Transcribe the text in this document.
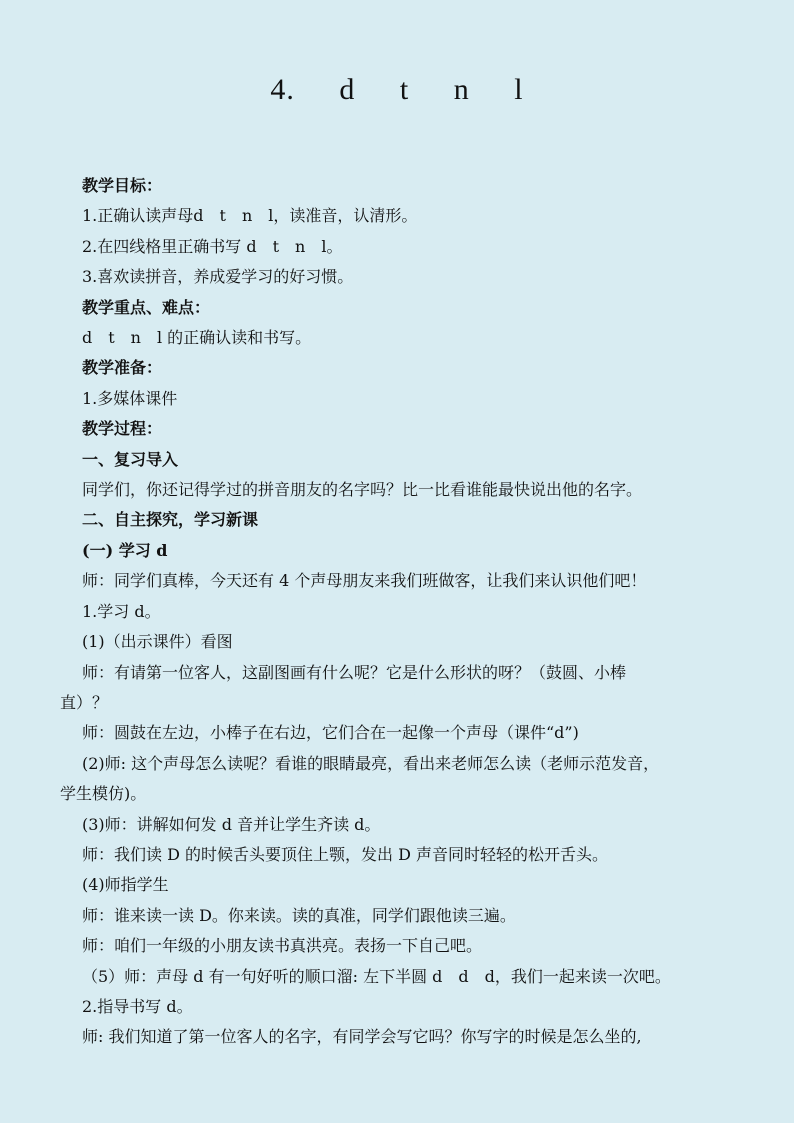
4. d t n l
教学目标：
1.正确认读声母d　t　n　l，读准音，认清形。
2.在四线格里正确书写 d　t　n　l。
3.喜欢读拼音，养成爱学习的好习惯。
教学重点、难点：
d　t　n　l 的正确认读和书写。
教学准备：
1.多媒体课件
教学过程：
一、复习导入
同学们，你还记得学过的拼音朋友的名字吗？比一比看谁能最快说出他的名字。
二、自主探究，学习新课
(一) 学习 d
师：同学们真棒，今天还有 4 个声母朋友来我们班做客，让我们来认识他们吧！
1.学习 d。
(1)（出示课件）看图
师：有请第一位客人，这副图画有什么呢？它是什么形状的呀？（鼓圆、小棒
直）？
师：圆鼓在左边，小棒子在右边，它们合在一起像一个声母（课件“d”)
(2)师: 这个声母怎么读呢？看谁的眼睛最亮，看出来老师怎么读（老师示范发音，
学生模仿)。
(3)师：讲解如何发 d 音并让学生齐读 d。
师：我们读 D 的时候舌头要顶住上颚，发出 D 声音同时轻轻的松开舌头。
(4)师指学生
师：谁来读一读 D。你来读。读的真准，同学们跟他读三遍。
师：咱们一年级的小朋友读书真洪亮。表扬一下自己吧。
（5）师：声母 d 有一句好听的顺口溜: 左下半圆 d　d　d，我们一起来读一次吧。
2.指导书写 d。
师: 我们知道了第一位客人的名字，有同学会写它吗？你写字的时候是怎么坐的,
